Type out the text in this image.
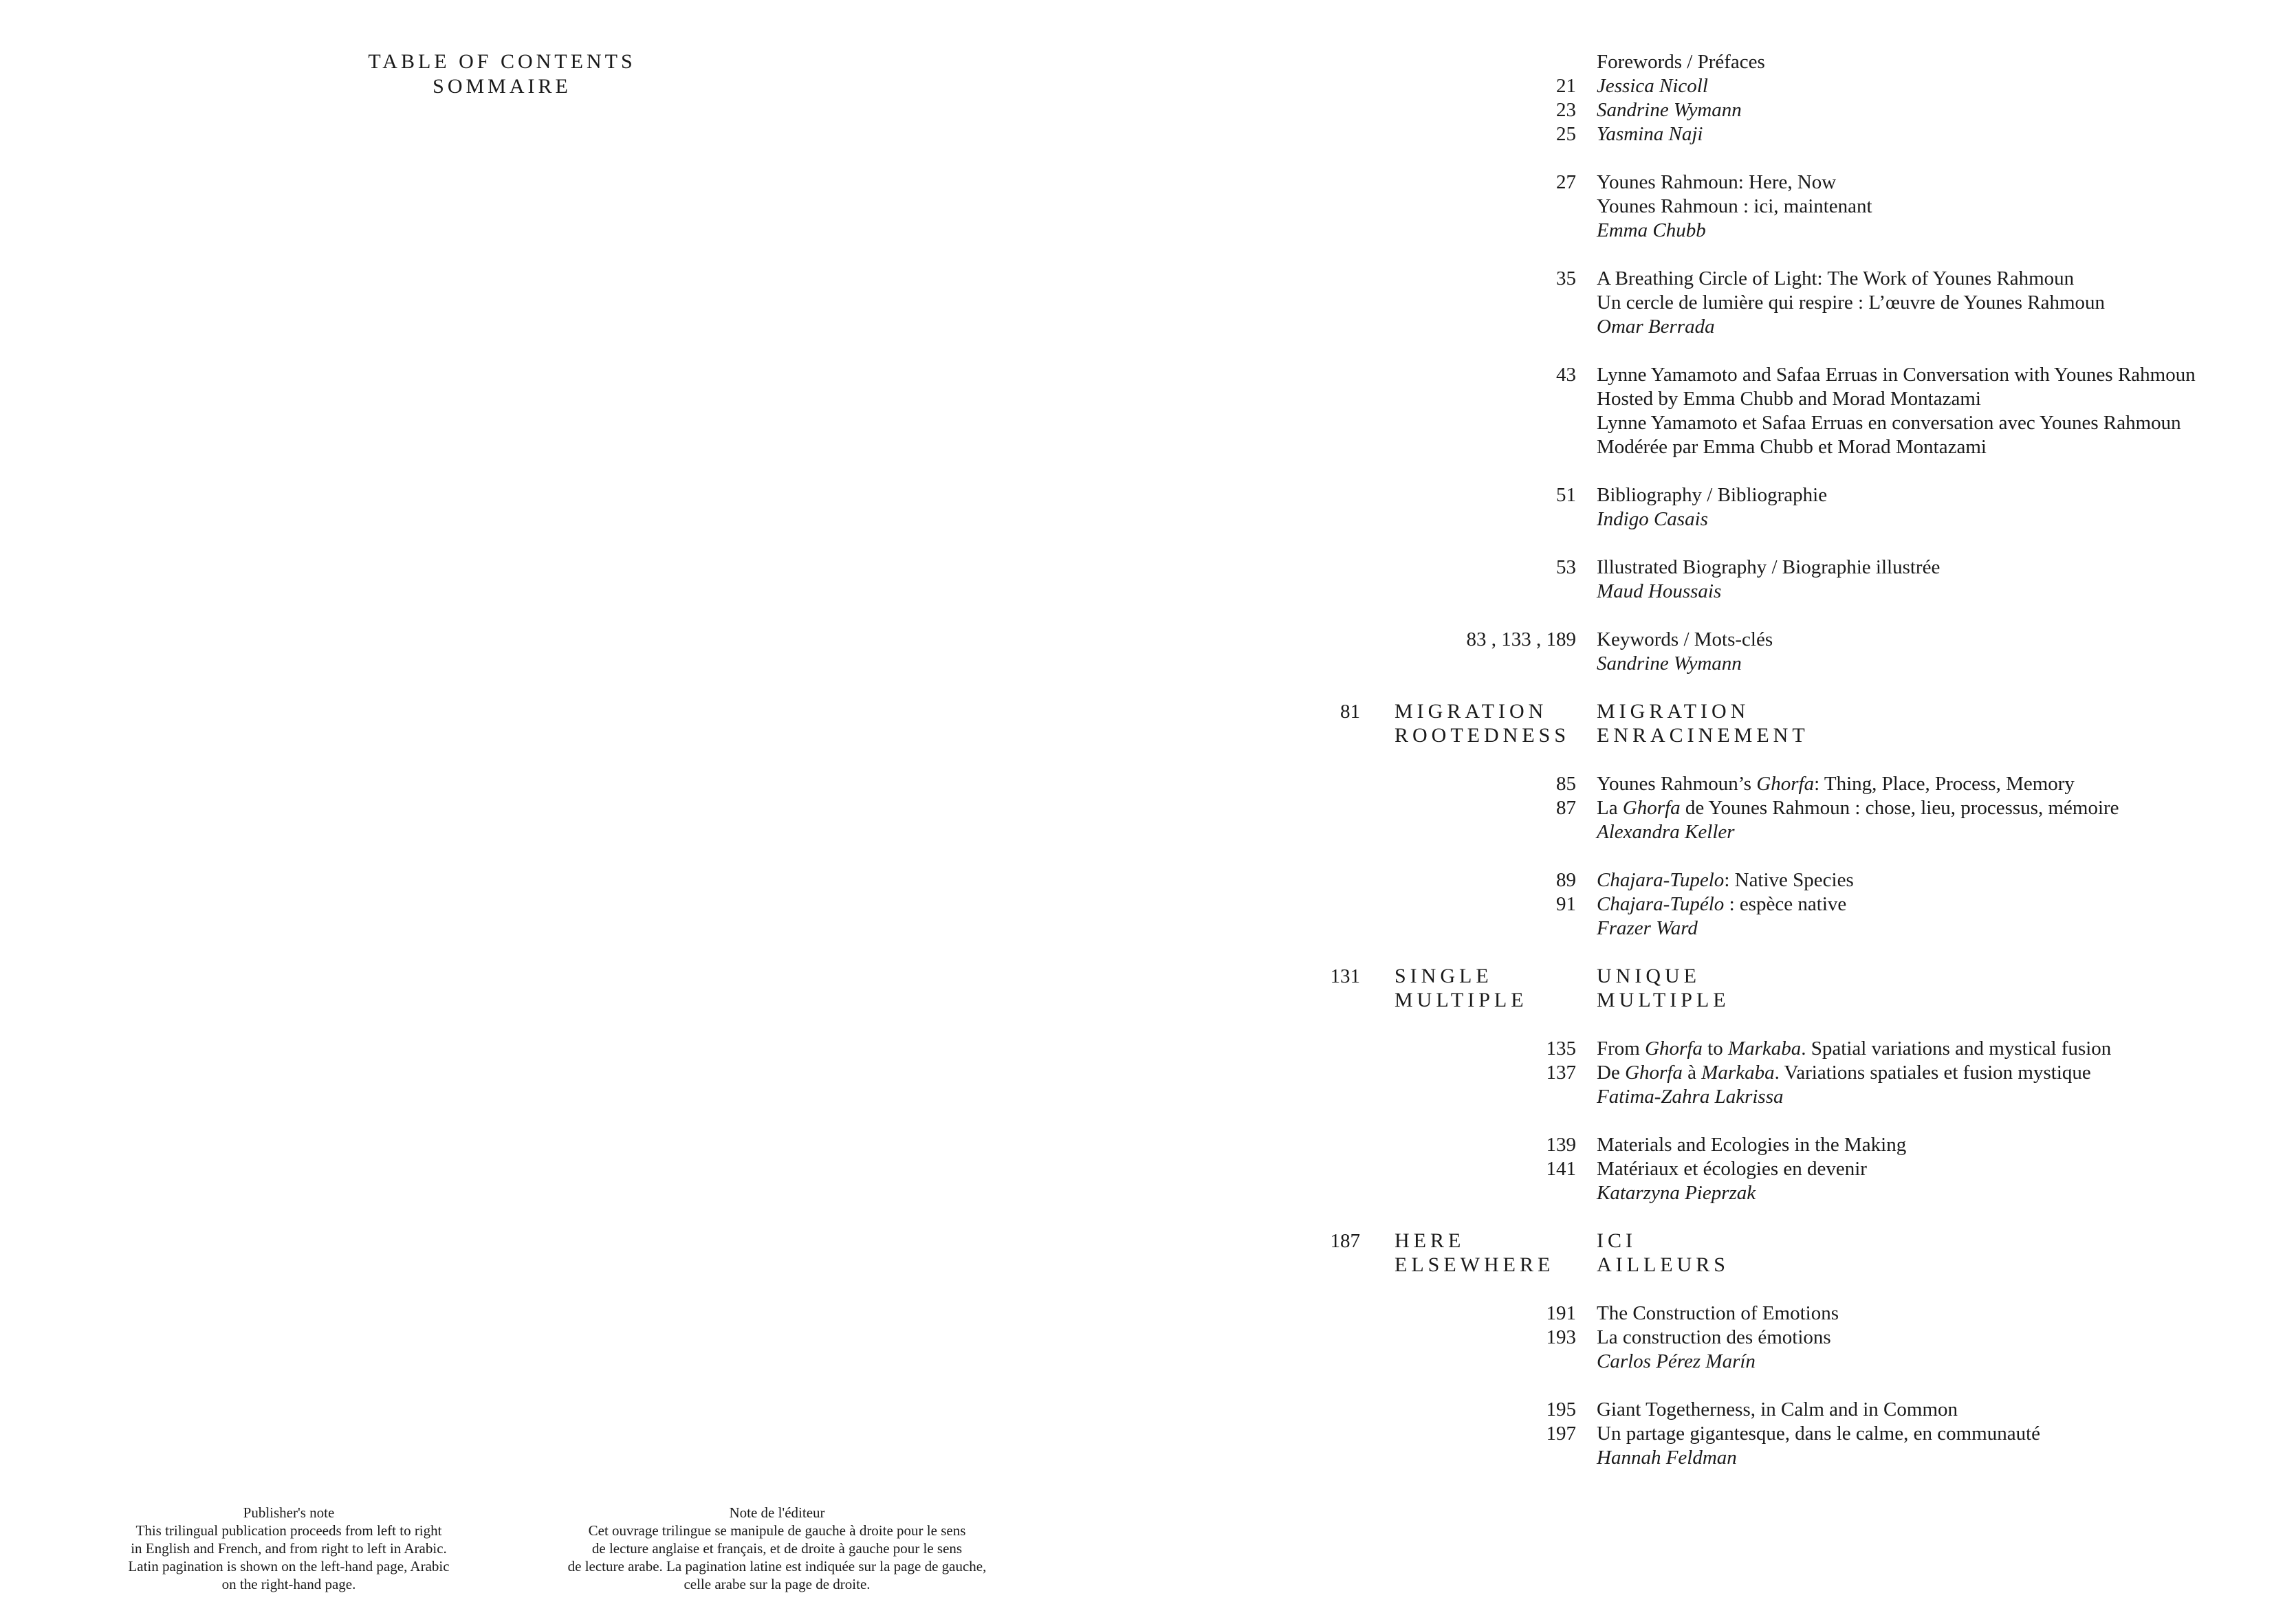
TABLE OF CONTENTS
SOMMAIRE
Publisher's note
This trilingual publication proceeds from left to right
in English and French, and from right to left in Arabic.
Latin pagination is shown on the left-hand page, Arabic
on the right-hand page.
Note de l'éditeur
Cet ouvrage trilingue se manipule de gauche à droite pour le sens
de lecture anglaise et français, et de droite à gauche pour le sens
de lecture arabe. La pagination latine est indiquée sur la page de gauche,
celle arabe sur la page de droite.
Forewords / Préfaces
21 Jessica Nicoll
23 Sandrine Wymann
25 Yasmina Naji
27 Younes Rahmoun: Here, Now
Younes Rahmoun : ici, maintenant
Emma Chubb
35 A Breathing Circle of Light: The Work of Younes Rahmoun
Un cercle de lumière qui respire : L’œuvre de Younes Rahmoun
Omar Berrada
43 Lynne Yamamoto and Safaa Erruas in Conversation with Younes Rahmoun
Hosted by Emma Chubb and Morad Montazami
Lynne Yamamoto et Safaa Erruas en conversation avec Younes Rahmoun
Modérée par Emma Chubb et Morad Montazami
51 Bibliography / Bibliographie
Indigo Casais
53 Illustrated Biography / Biographie illustrée
Maud Houssais
83 , 133 , 189 Keywords / Mots-clés
Sandrine Wymann
81 MIGRATION
ROOTEDNESS
MIGRATION
ENRACINEMENT
85 Younes Rahmoun’s Ghorfa: Thing, Place, Process, Memory
87 La Ghorfa de Younes Rahmoun : chose, lieu, processus, mémoire
Alexandra Keller
89 Chajara-Tupelo: Native Species
91 Chajara-Tupélo : espèce native
Frazer Ward
131 SINGLE
MULTIPLE
UNIQUE
MULTIPLE
135 From Ghorfa to Markaba. Spatial variations and mystical fusion
137 De Ghorfa à Markaba. Variations spatiales et fusion mystique
Fatima-Zahra Lakrissa
139 Materials and Ecologies in the Making
141 Matériaux et écologies en devenir
Katarzyna Pieprzak
187 HERE
ELSEWHERE
ICI
AILLEURS
191 The Construction of Emotions
193 La construction des émotions
Carlos Pérez Marín
195 Giant Togetherness, in Calm and in Common
197 Un partage gigantesque, dans le calme, en communauté
Hannah Feldman
